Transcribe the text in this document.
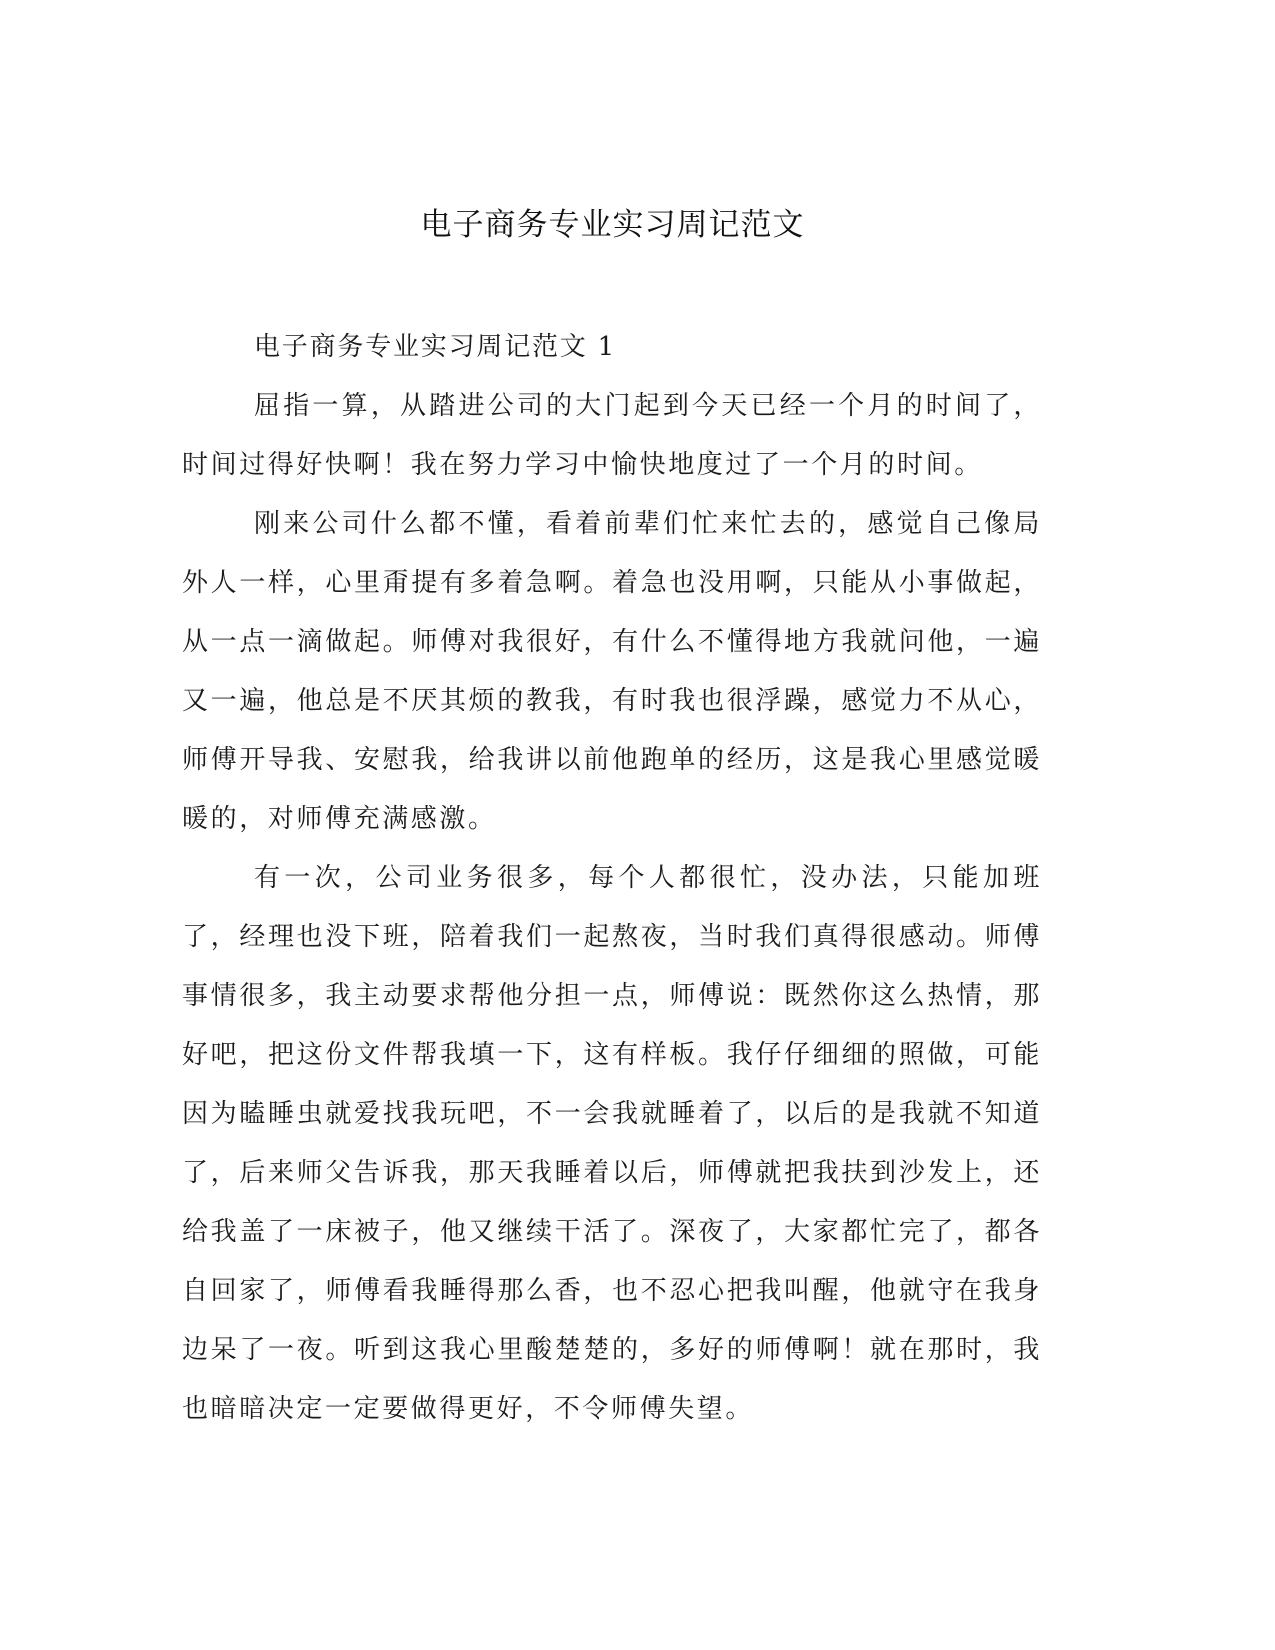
电子商务专业实习周记范文

电子商务专业实习周记范文 1

屈指一算，从踏进公司的大门起到今天已经一个月的时间了，时间过得好快啊！我在努力学习中愉快地度过了一个月的时间。

刚来公司什么都不懂，看着前辈们忙来忙去的，感觉自己像局外人一样，心里甭提有多着急啊。着急也没用啊，只能从小事做起，从一点一滴做起。师傅对我很好，有什么不懂得地方我就问他，一遍又一遍，他总是不厌其烦的教我，有时我也很浮躁，感觉力不从心，师傅开导我、安慰我，给我讲以前他跑单的经历，这是我心里感觉暖暖的，对师傅充满感激。

有一次，公司业务很多，每个人都很忙，没办法，只能加班了，经理也没下班，陪着我们一起熬夜，当时我们真得很感动。师傅事情很多，我主动要求帮他分担一点，师傅说：既然你这么热情，那好吧，把这份文件帮我填一下，这有样板。我仔仔细细的照做，可能因为瞌睡虫就爱找我玩吧，不一会我就睡着了，以后的是我就不知道了，后来师父告诉我，那天我睡着以后，师傅就把我扶到沙发上，还给我盖了一床被子，他又继续干活了。深夜了，大家都忙完了，都各自回家了，师傅看我睡得那么香，也不忍心把我叫醒，他就守在我身边呆了一夜。听到这我心里酸楚楚的，多好的师傅啊！就在那时，我也暗暗决定一定要做得更好，不令师傅失望。
